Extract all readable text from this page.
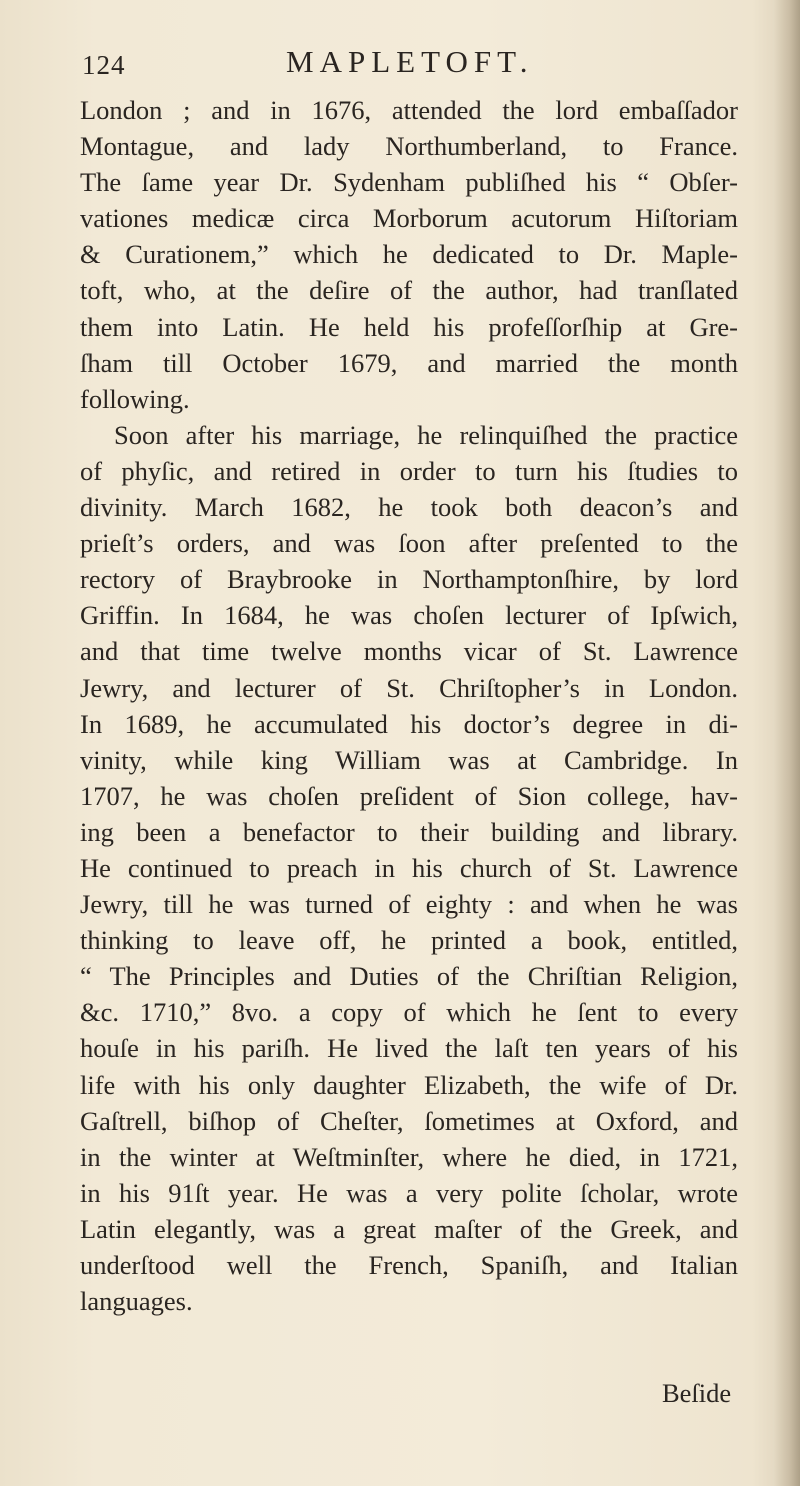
124	MAPLETOFT.
London ; and in 1676, attended the lord embaſſador
Montague, and lady Northumberland, to France.
The ſame year Dr. Sydenham publiſhed his “ Obſer-
vationes medicæ circa Morborum acutorum Hiſtoriam
& Curationem,” which he dedicated to Dr. Maple-
toft, who, at the deſire of the author, had tranſlated
them into Latin. He held his profeſſorſhip at Gre-
ſham till October 1679, and married the month
following.
Soon after his marriage, he relinquiſhed the practice
of phyſic, and retired in order to turn his ſtudies to
divinity. March 1682, he took both deacon’s and
prieſt’s orders, and was ſoon after preſented to the
rectory of Braybrooke in Northamptonſhire, by lord
Griffin. In 1684, he was choſen lecturer of Ipſwich,
and that time twelve months vicar of St. Lawrence
Jewry, and lecturer of St. Chriſtopher’s in London.
In 1689, he accumulated his doctor’s degree in di-
vinity, while king William was at Cambridge. In
1707, he was choſen preſident of Sion college, hav-
ing been a benefactor to their building and library.
He continued to preach in his church of St. Lawrence
Jewry, till he was turned of eighty : and when he was
thinking to leave off, he printed a book, entitled,
“ The Principles and Duties of the Chriſtian Religion,
&c. 1710,” 8vo. a copy of which he ſent to every
houſe in his pariſh. He lived the laſt ten years of his
life with his only daughter Elizabeth, the wife of Dr.
Gaſtrell, biſhop of Cheſter, ſometimes at Oxford, and
in the winter at Weſtminſter, where he died, in 1721,
in his 91ſt year. He was a very polite ſcholar, wrote
Latin elegantly, was a great maſter of the Greek, and
underſtood well the French, Spaniſh, and Italian
languages.
Beſide
